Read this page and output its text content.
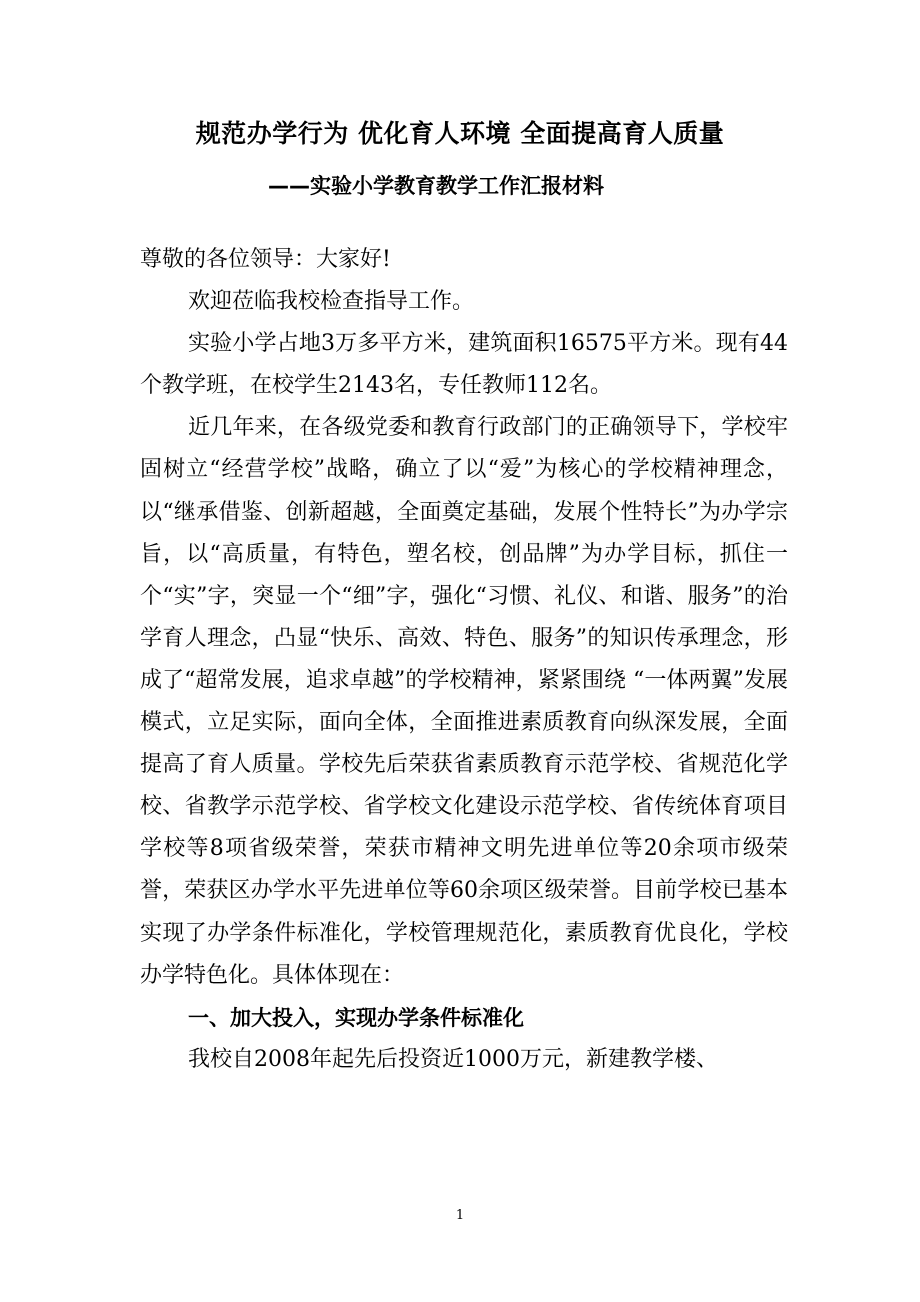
规范办学行为 优化育人环境 全面提高育人质量
——实验小学教育教学工作汇报材料

尊敬的各位领导：大家好!

欢迎莅临我校检查指导工作。

实验小学占地3万多平方米，建筑面积16575平方米。现有44个教学班，在校学生2143名，专任教师112名。

近几年来，在各级党委和教育行政部门的正确领导下，学校牢固树立“经营学校”战略，确立了以“爱”为核心的学校精神理念，以“继承借鉴、创新超越，全面奠定基础，发展个性特长”为办学宗旨，以“高质量，有特色，塑名校，创品牌”为办学目标，抓住一个“实”字，突显一个“细”字，强化“习惯、礼仪、和谐、服务”的治学育人理念，凸显“快乐、高效、特色、服务”的知识传承理念，形成了“超常发展，追求卓越”的学校精神，紧紧围绕 “一体两翼”发展模式，立足实际，面向全体，全面推进素质教育向纵深发展，全面提高了育人质量。学校先后荣获省素质教育示范学校、省规范化学校、省教学示范学校、省学校文化建设示范学校、省传统体育项目学校等8项省级荣誉，荣获市精神文明先进单位等20余项市级荣誉，荣获区办学水平先进单位等60余项区级荣誉。目前学校已基本实现了办学条件标准化，学校管理规范化，素质教育优良化，学校办学特色化。具体体现在：

一、加大投入，实现办学条件标准化

我校自2008年起先后投资近1000万元，新建教学楼、

1
